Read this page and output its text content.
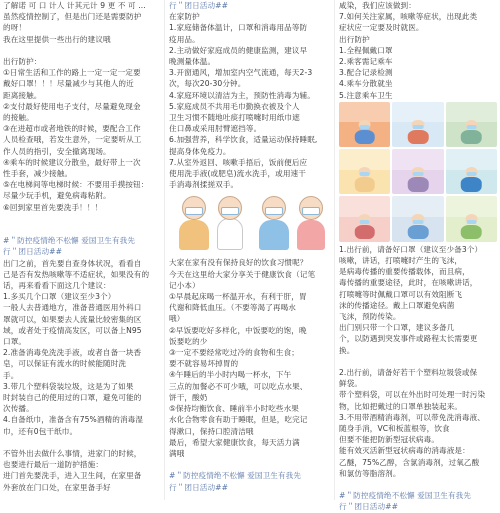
了解诺 可 口 计人 计其元计 9 更 不 可 ...
虽然疫情控制了，但是出门还是需要防护
的呀！
我在这里提供一些出行的建议哦
出行防护：
①日常生活和工作的路上一定一定一定要
戴好口罩！！！尽量减少与其他人的近
距离接触。
②支付最好使用电子支付，尽量避免现金
的接触。
③在进超市或者地铁的时候，要配合工作
人员检查哦，若发生意外，一定要听从工
作人员的指引，安全撤离现场。
④乘车的时候建议分散坐，最好带上一次
性手套，减少接触。
⑤在电梯间等电梯时候：不要用手摸按钮：
尽量少玩手机，避免病毒粘附。
⑥回到家里首先要洗手！！！
#＂防控疫情绝不松懈 爱国卫生有我先
行＂团日活动##
出门之前，首先要自查身体状况，看看自
己是否有发热咳嗽等不适症状，如果没有的
话，再来看看下面这几个建议：
1.多买几个口罩（建议至少3个）
一般人去普通地方，准备普通医用外科口
罩就可以，如果要去人流量比较密集的区
域，或者处于疫情高发区，可以备上N95
口罩。
2.准备消毒免洗洗手液，或者自备一块香
皂，可以保证有流水的时候能随时洗
手。
3.带几个塑料袋装垃圾，这是为了如果
时封装自己的使用过的口罩，避免可能的
次传播。
4.自备纸巾，准备含有75%酒精的消毒湿
巾，还有0包干纸巾。
不管外出去做什么事情，进家门的时候，
也要进行最后一道防护措施：
进门首先要洗手，进入卫生间，在家里备
外套放在门口处，在家里备手好
行＂团日活动##
在家防护
1.家庭储备体温计，口罩和消毒用品等防
疫用品。
2.主动做好家庭成员的健康监测，建议早
晚测量体温。
3.开窗通风，增加室内空气流通，每天2-3
次，每次20-30分钟。
4.家庭环境以清洁为主，预防性消毒为辅。
5.家庭成员不共用毛巾勤换衣被及个人
卫生习惯不随地吐痰打喷嚏时用纸巾遮
住口鼻或采用肘臂遮挡等。
6.加强营养，科学饮食，适量运动保持睡眠,
提高身体免疫力。
7.从室外返回、咳嗽手捂后，饭前便后应
使用洗手液(或肥皂)流水洗手，或用速干
手消毒剂揉搓双手。
大家在家有没有保持良好的饮食习惯呢？
今天在这里给大家分享关于健康饮食（记笔
记小本）
①早晨起床喝一杯温开水，有利于肝，胃
代谢和降低血压。（不要等渴了再喝水
哦）
②早饭要吃好多样化，中饭要吃的饱，晚
饭要吃的少
③一定不要经常吃过冷的食物和生食；
要不就容易坏掉胃的
④午睡后的半小时内喝一杯水，下午
三点的加餐必不可少哦，可以吃点水果、
饼干，酸奶
⑤保持均衡饮食、睡前半小时吃些水果
水化合物零食有助于睡眠，但是，吃完记
得漱口，保持口腔清洁哦
最后，希望大家健康饮食，每天活力满
满哦
#＂防控疫情绝不松懈 爱国卫生有我先
行＂团日活动##
咸染，我们应该做到：
7.如何关注家属，咳嗽等症状，出现此类
症状应一定要及时就医。
出行防护
1.全程佩戴口罩
2.乘客需记乘车
3.配合记录检测
4.乘车分散就坐
5.注意乘车卫生
1.出行前，请备好口罩（建议至少备3个）
咳嗽，讲话，打喷嚏时产生的飞沫，
是病毒传播的重要传播载体，而且病，
毒传播的重要途径，此时，在咳嗽讲话，
打喷嚏等时佩戴口罩可以有效阻断飞
沫的传播途径。戴上口罩避免病菌
飞沫，预防传染。
出门别只带一个口罩，建议多备几
个，以防遇到突发事件或路程太长需要更
换。
2.出行前，请备好若干个塑料垃圾袋或保
鲜袋。
带个塑料袋，可以在外出时可处理一时污染
物，比如把戴过的口罩单独装起来。
3.不用带酒精消毒剂，可以带免洗消毒液、
随身手消，VC和板蓝根等，饮食
但要不能把防新型冠状病毒。
能有效灭活新型冠状病毒的消毒液是：
乙醚，75%乙醇，含氯消毒剂，过氧乙酸
和氯仿等脂溶剂。
#＂防控疫情绝不松懈 爱国卫生有我先
行＂团日活动##
